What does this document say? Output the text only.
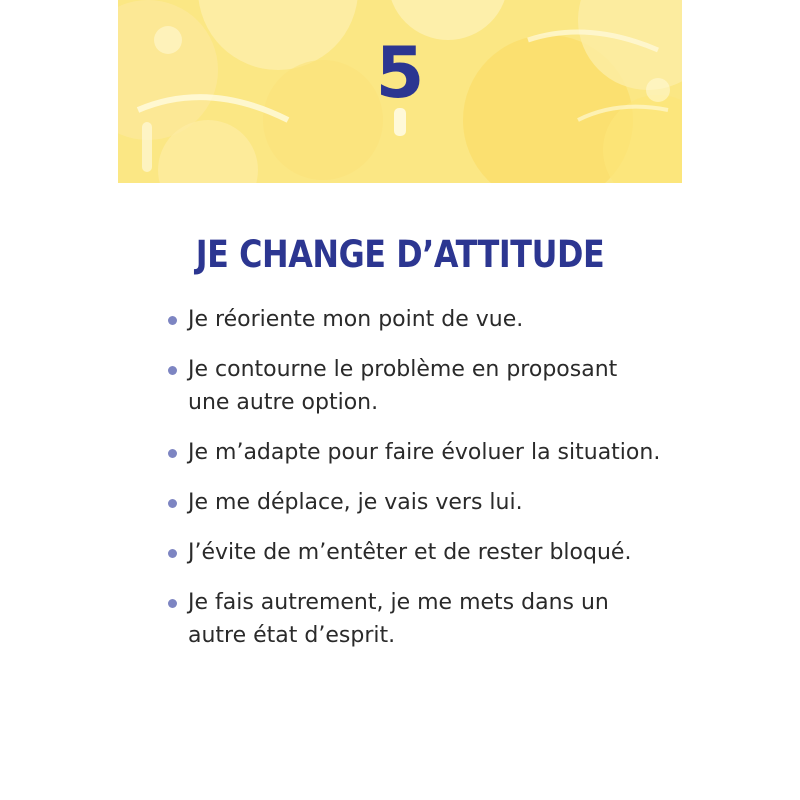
5
JE CHANGE D’ATTITUDE
Je réoriente mon point de vue.
Je contourne le problème en proposant une autre option.
Je m’adapte pour faire évoluer la situation.
Je me déplace, je vais vers lui.
J’évite de m’entêter et de rester bloqué.
Je fais autrement, je me mets dans un autre état d’esprit.
